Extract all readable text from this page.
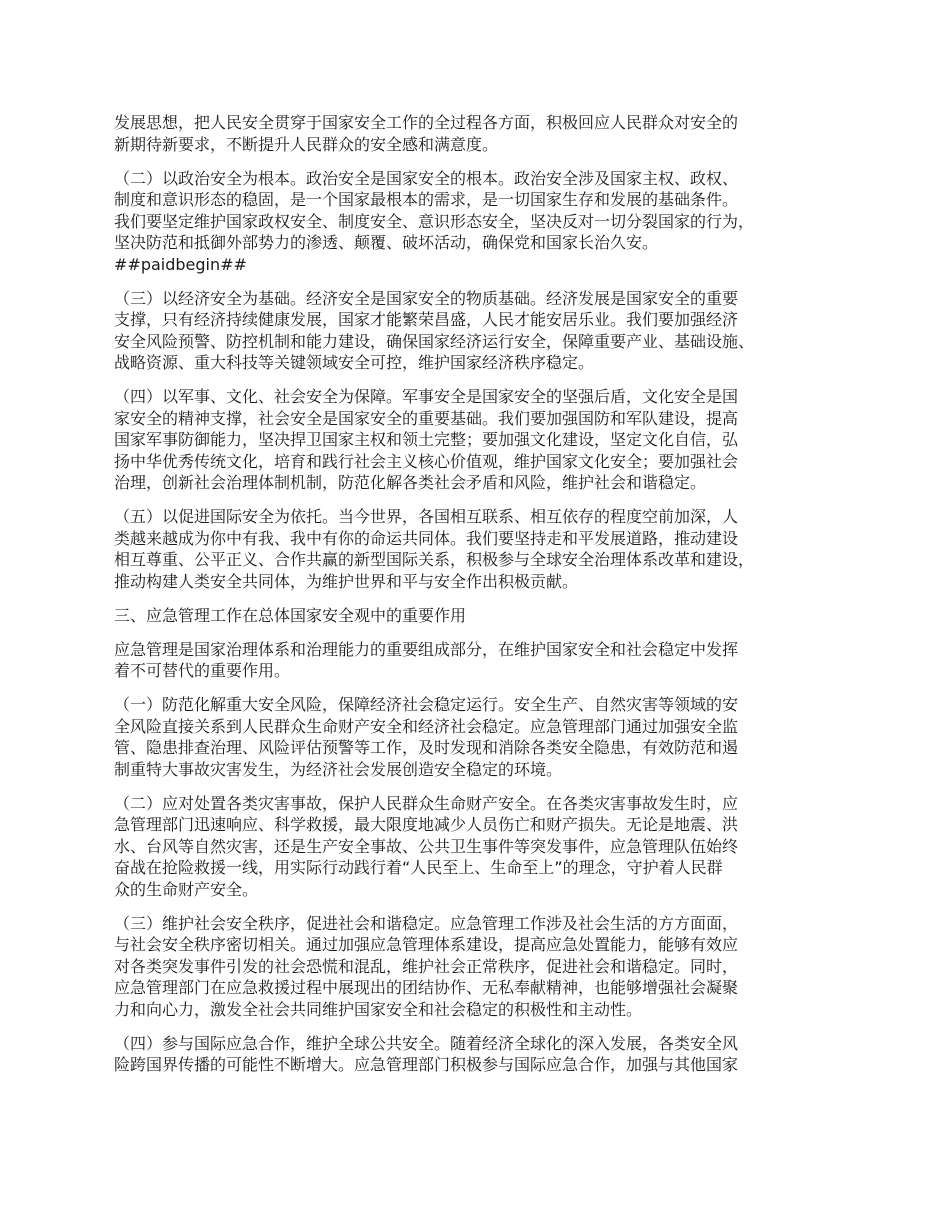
发展思想，把人民安全贯穿于国家安全工作的全过程各方面，积极回应人民群众对安全的
新期待新要求，不断提升人民群众的安全感和满意度。

（二）以政治安全为根本。政治安全是国家安全的根本。政治安全涉及国家主权、政权、
制度和意识形态的稳固，是一个国家最根本的需求，是一切国家生存和发展的基础条件。
我们要坚定维护国家政权安全、制度安全、意识形态安全，坚决反对一切分裂国家的行为，
坚决防范和抵御外部势力的渗透、颠覆、破坏活动，确保党和国家长治久安。
##paidbegin##

（三）以经济安全为基础。经济安全是国家安全的物质基础。经济发展是国家安全的重要
支撑，只有经济持续健康发展，国家才能繁荣昌盛，人民才能安居乐业。我们要加强经济
安全风险预警、防控机制和能力建设，确保国家经济运行安全，保障重要产业、基础设施、
战略资源、重大科技等关键领域安全可控，维护国家经济秩序稳定。

（四）以军事、文化、社会安全为保障。军事安全是国家安全的坚强后盾，文化安全是国
家安全的精神支撑，社会安全是国家安全的重要基础。我们要加强国防和军队建设，提高
国家军事防御能力，坚决捍卫国家主权和领土完整；要加强文化建设，坚定文化自信，弘
扬中华优秀传统文化，培育和践行社会主义核心价值观，维护国家文化安全；要加强社会
治理，创新社会治理体制机制，防范化解各类社会矛盾和风险，维护社会和谐稳定。

（五）以促进国际安全为依托。当今世界，各国相互联系、相互依存的程度空前加深，人
类越来越成为你中有我、我中有你的命运共同体。我们要坚持走和平发展道路，推动建设
相互尊重、公平正义、合作共赢的新型国际关系，积极参与全球安全治理体系改革和建设，
推动构建人类安全共同体，为维护世界和平与安全作出积极贡献。

三、应急管理工作在总体国家安全观中的重要作用

应急管理是国家治理体系和治理能力的重要组成部分，在维护国家安全和社会稳定中发挥
着不可替代的重要作用。

（一）防范化解重大安全风险，保障经济社会稳定运行。安全生产、自然灾害等领域的安
全风险直接关系到人民群众生命财产安全和经济社会稳定。应急管理部门通过加强安全监
管、隐患排查治理、风险评估预警等工作，及时发现和消除各类安全隐患，有效防范和遏
制重特大事故灾害发生，为经济社会发展创造安全稳定的环境。

（二）应对处置各类灾害事故，保护人民群众生命财产安全。在各类灾害事故发生时，应
急管理部门迅速响应、科学救援，最大限度地减少人员伤亡和财产损失。无论是地震、洪
水、台风等自然灾害，还是生产安全事故、公共卫生事件等突发事件，应急管理队伍始终
奋战在抢险救援一线，用实际行动践行着“人民至上、生命至上”的理念，守护着人民群
众的生命财产安全。

（三）维护社会安全秩序，促进社会和谐稳定。应急管理工作涉及社会生活的方方面面，
与社会安全秩序密切相关。通过加强应急管理体系建设，提高应急处置能力，能够有效应
对各类突发事件引发的社会恐慌和混乱，维护社会正常秩序，促进社会和谐稳定。同时，
应急管理部门在应急救援过程中展现出的团结协作、无私奉献精神，也能够增强社会凝聚
力和向心力，激发全社会共同维护国家安全和社会稳定的积极性和主动性。

（四）参与国际应急合作，维护全球公共安全。随着经济全球化的深入发展，各类安全风
险跨国界传播的可能性不断增大。应急管理部门积极参与国际应急合作，加强与其他国家
